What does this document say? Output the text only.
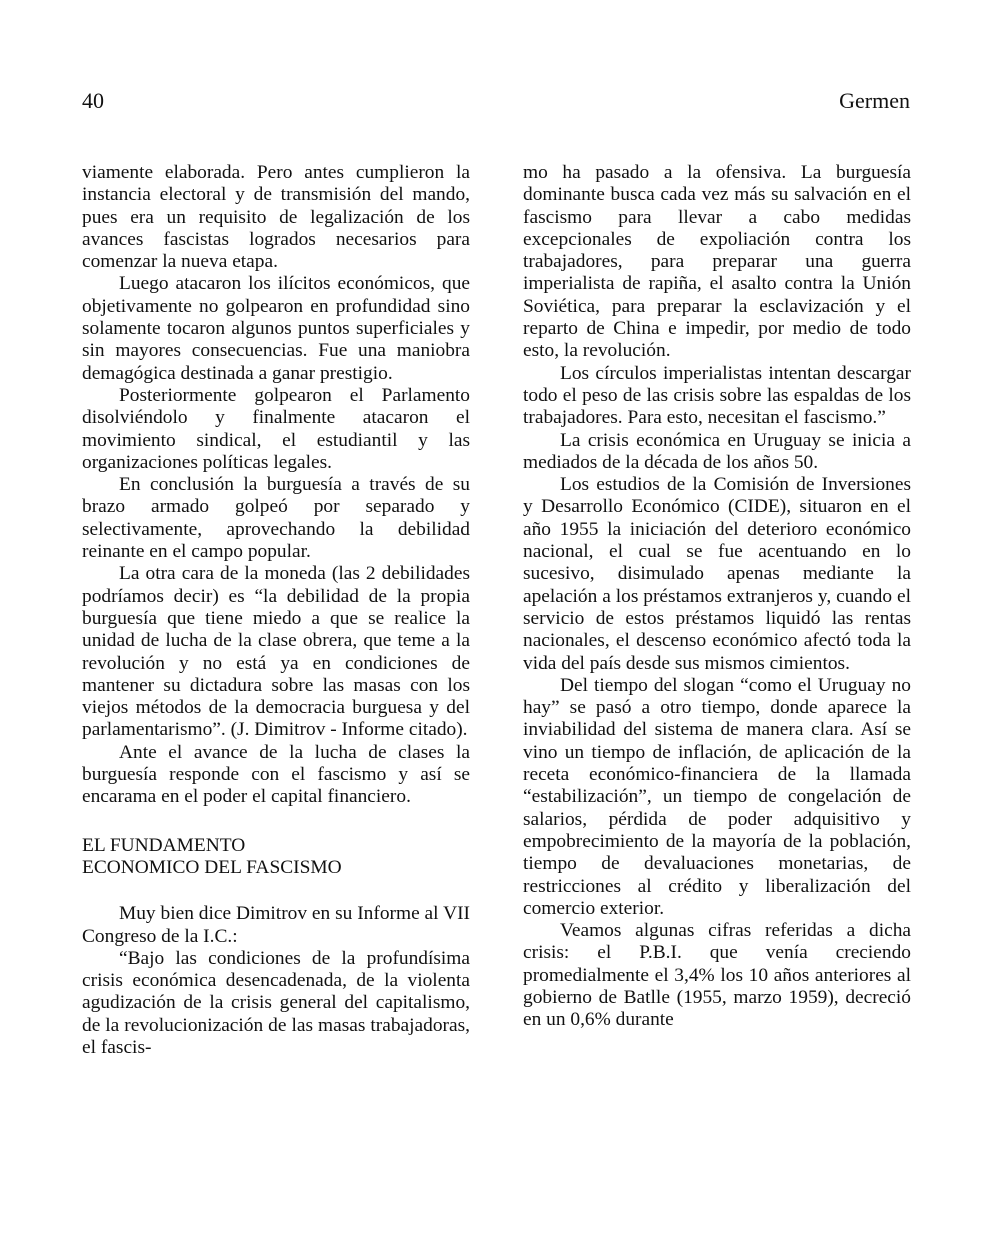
40	Germen

viamente elaborada. Pero antes cumplieron la instancia electoral y de transmisión del mando, pues era un requisito de legalización de los avances fascistas logrados necesarios para comenzar la nueva etapa.

Luego atacaron los ilícitos económicos, que objetivamente no golpearon en profundidad sino solamente tocaron algunos puntos superficiales y sin mayores consecuencias. Fue una maniobra demagógica destinada a ganar prestigio.

Posteriormente golpearon el Parlamento disolviéndolo y finalmente atacaron el movimiento sindical, el estudiantil y las organizaciones políticas legales.

En conclusión la burguesía a través de su brazo armado golpeó por separado y selectivamente, aprovechando la debilidad reinante en el campo popular.

La otra cara de la moneda (las 2 debilidades podríamos decir) es “la debilidad de la propia burguesía que tiene miedo a que se realice la unidad de lucha de la clase obrera, que teme a la revolución y no está ya en condiciones de mantener su dictadura sobre las masas con los viejos métodos de la democracia burguesa y del parlamentarismo”. (J. Dimitrov - Informe citado).

Ante el avance de la lucha de clases la burguesía responde con el fascismo y así se encarama en el poder el capital financiero.

EL FUNDAMENTO
ECONOMICO DEL FASCISMO

Muy bien dice Dimitrov en su Informe al VII Congreso de la I.C.:

“Bajo las condiciones de la profundísima crisis económica desencadenada, de la violenta agudización de la crisis general del capitalismo, de la revolucionización de las masas trabajadoras, el fascis-

mo ha pasado a la ofensiva. La burguesía dominante busca cada vez más su salvación en el fascismo para llevar a cabo medidas excepcionales de expoliación contra los trabajadores, para preparar una guerra imperialista de rapiña, el asalto contra la Unión Soviética, para preparar la esclavización y el reparto de China e impedir, por medio de todo esto, la revolución.

Los círculos imperialistas intentan descargar todo el peso de las crisis sobre las espaldas de los trabajadores. Para esto, necesitan el fascismo.”

La crisis económica en Uruguay se inicia a mediados de la década de los años 50.

Los estudios de la Comisión de Inversiones y Desarrollo Económico (CIDE), situaron en el año 1955 la iniciación del deterioro económico nacional, el cual se fue acentuando en lo sucesivo, disimulado apenas mediante la apelación a los préstamos extranjeros y, cuando el servicio de estos préstamos liquidó las rentas nacionales, el descenso económico afectó toda la vida del país desde sus mismos cimientos.

Del tiempo del slogan “como el Uruguay no hay” se pasó a otro tiempo, donde aparece la inviabilidad del sistema de manera clara. Así se vino un tiempo de inflación, de aplicación de la receta económico-financiera de la llamada “estabilización”, un tiempo de congelación de salarios, pérdida de poder adquisitivo y empobrecimiento de la mayoría de la población, tiempo de devaluaciones monetarias, de restricciones al crédito y liberalización del comercio exterior.

Veamos algunas cifras referidas a dicha crisis: el P.B.I. que venía creciendo promedialmente el 3,4% los 10 años anteriores al gobierno de Batlle (1955, marzo 1959), decreció en un 0,6% durante
